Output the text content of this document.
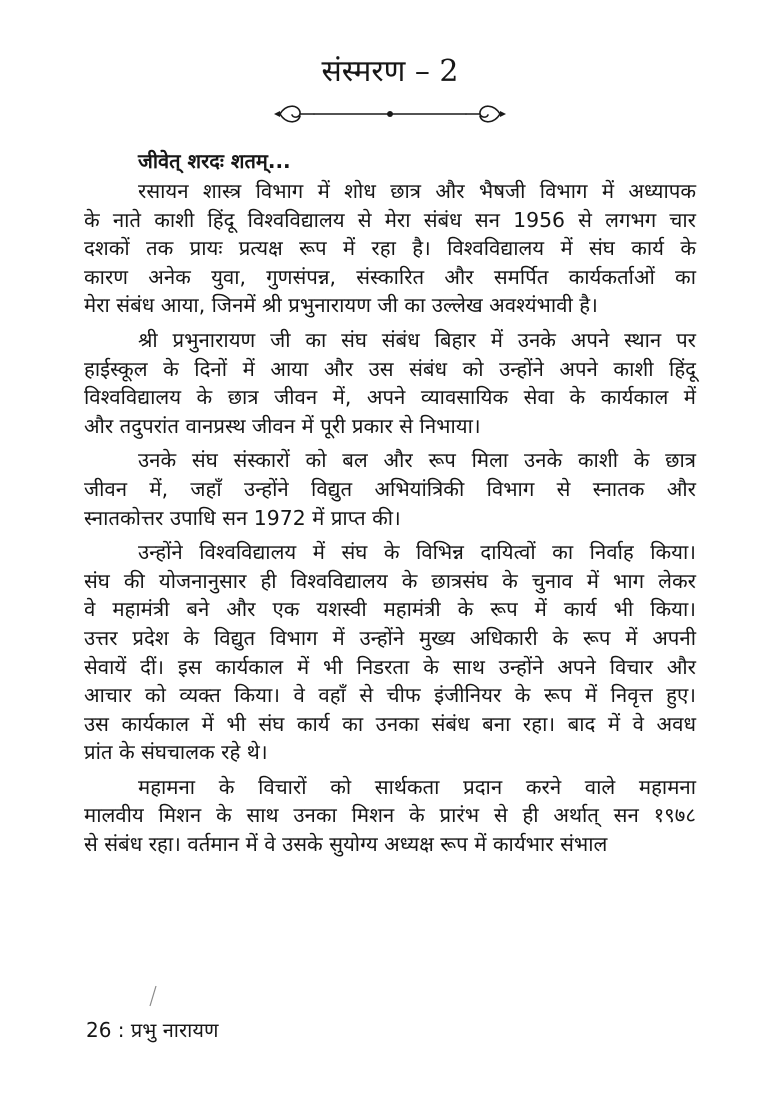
संस्मरण – 2
जीवेत् शरदः शतम्...
रसायन शास्त्र विभाग में शोध छात्र और भैषजी विभाग में अध्यापक
के नाते काशी हिंदू विश्वविद्यालय से मेरा संबंध सन 1956 से लगभग चार
दशकों तक प्रायः प्रत्यक्ष रूप में रहा है। विश्वविद्यालय में संघ कार्य के
कारण अनेक युवा, गुणसंपन्न, संस्कारित और समर्पित कार्यकर्ताओं का
मेरा संबंध आया, जिनमें श्री प्रभुनारायण जी का उल्लेख अवश्यंभावी है।
श्री प्रभुनारायण जी का संघ संबंध बिहार में उनके अपने स्थान पर
हाईस्कूल के दिनों में आया और उस संबंध को उन्होंने अपने काशी हिंदू
विश्वविद्यालय के छात्र जीवन में, अपने व्यावसायिक सेवा के कार्यकाल में
और तदुपरांत वानप्रस्थ जीवन में पूरी प्रकार से निभाया।
उनके संघ संस्कारों को बल और रूप मिला उनके काशी के छात्र
जीवन में, जहाँ उन्होंने विद्युत अभियांत्रिकी विभाग से स्नातक और
स्नातकोत्तर उपाधि सन 1972 में प्राप्त की।
उन्होंने विश्वविद्यालय में संघ के विभिन्न दायित्वों का निर्वाह किया।
संघ की योजनानुसार ही विश्वविद्यालय के छात्रसंघ के चुनाव में भाग लेकर
वे महामंत्री बने और एक यशस्वी महामंत्री के रूप में कार्य भी किया।
उत्तर प्रदेश के विद्युत विभाग में उन्होंने मुख्य अधिकारी के रूप में अपनी
सेवायें दीं। इस कार्यकाल में भी निडरता के साथ उन्होंने अपने विचार और
आचार को व्यक्त किया। वे वहाँ से चीफ इंजीनियर के रूप में निवृत्त हुए।
उस कार्यकाल में भी संघ कार्य का उनका संबंध बना रहा। बाद में वे अवध
प्रांत के संघचालक रहे थे।
महामना के विचारों को सार्थकता प्रदान करने वाले महामना
मालवीय मिशन के साथ उनका मिशन के प्रारंभ से ही अर्थात् सन १९७८
से संबंध रहा। वर्तमान में वे उसके सुयोग्य अध्यक्ष रूप में कार्यभार संभाल
26 : प्रभु नारायण
